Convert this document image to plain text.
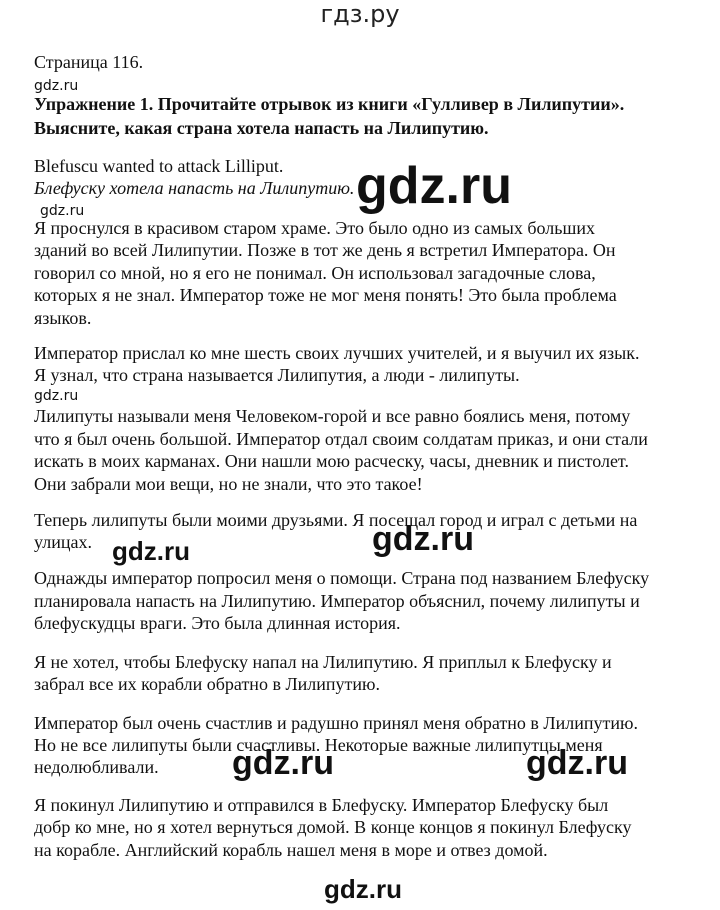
гдз.ру
Страница 116.
Упражнение 1. Прочитайте отрывок из книги «Гулливер в Лилипутии».
Выясните, какая страна хотела напасть на Лилипутию.
Blefuscu wanted to attack Lilliput.
Блефуску хотела напасть на Лилипутию.
Я проснулся в красивом старом храме. Это было одно из самых больших
зданий во всей Лилипутии. Позже в тот же день я встретил Императора. Он
говорил со мной, но я его не понимал. Он использовал загадочные слова,
которых я не знал. Император тоже не мог меня понять! Это была проблема
языков.
Император прислал ко мне шесть своих лучших учителей, и я выучил их язык.
Я узнал, что страна называется Лилипутия, а люди - лилипуты.
Лилипуты называли меня Человеком-горой и все равно боялись меня, потому
что я был очень большой. Император отдал своим солдатам приказ, и они стали
искать в моих карманах. Они нашли мою расческу, часы, дневник и пистолет.
Они забрали мои вещи, но не знали, что это такое!
Теперь лилипуты были моими друзьями. Я посещал город и играл с детьми на
улицах.
Однажды император попросил меня о помощи. Страна под названием Блефуску
планировала напасть на Лилипутию. Император объяснил, почему лилипуты и
блефускудцы враги. Это была длинная история.
Я не хотел, чтобы Блефуску напал на Лилипутию. Я приплыл к Блефуску и
забрал все их корабли обратно в Лилипутию.
Император был очень счастлив и радушно принял меня обратно в Лилипутию.
Но не все лилипуты были счастливы. Некоторые важные лилипутцы меня
недолюбливали.
Я покинул Лилипутию и отправился в Блефуску. Император Блефуску был
добр ко мне, но я хотел вернуться домой. В конце концов я покинул Блефуску
на корабле. Английский корабль нашел меня в море и отвез домой.
gdz.ru
gdz.ru
gdz.ru
gdz.ru
gdz.ru	gdz.ru
gdz.ru	gdz.ru
gdz.ru
